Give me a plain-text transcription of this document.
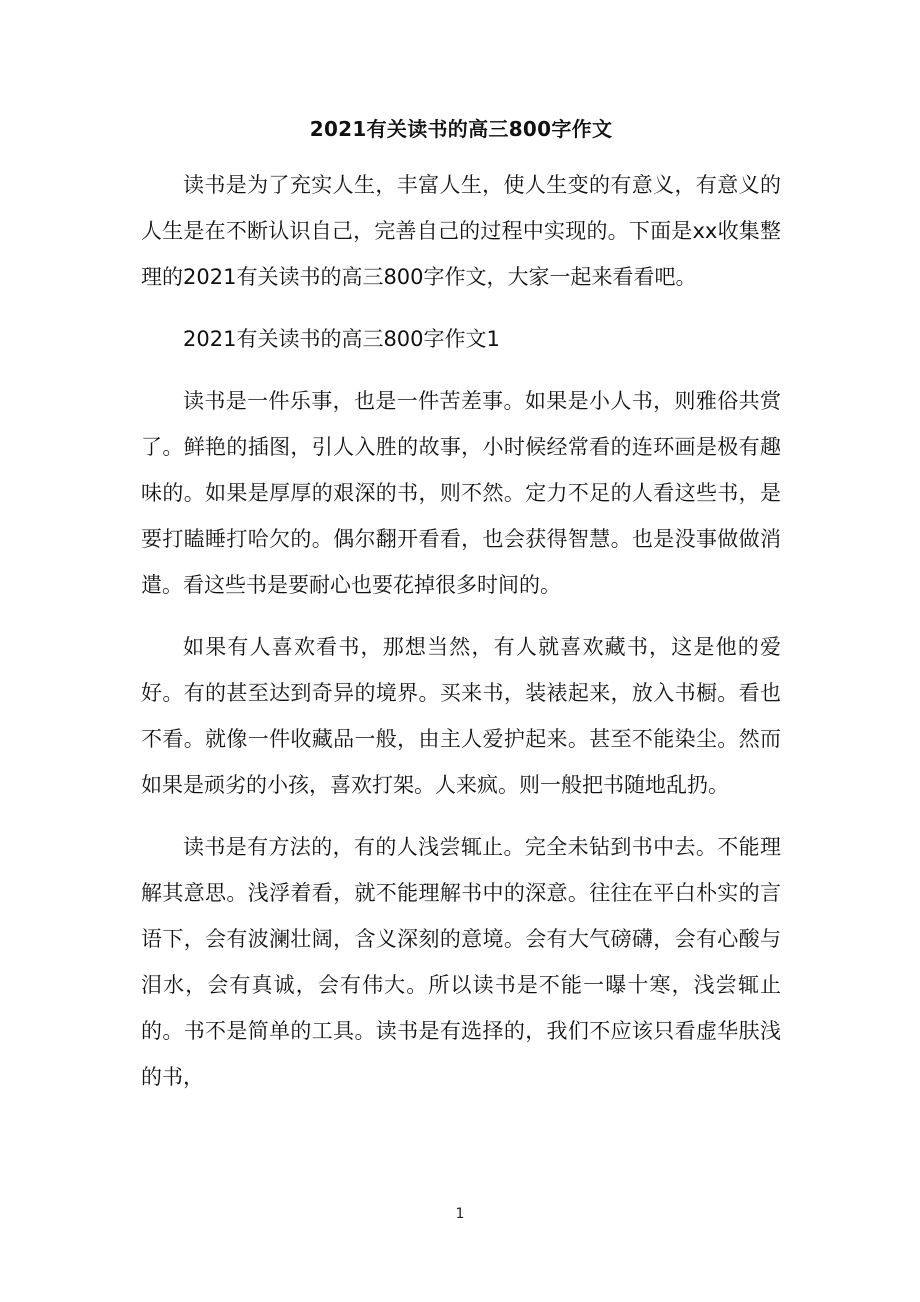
2021有关读书的高三800字作文

读书是为了充实人生，丰富人生，使人生变的有意义，有意义的人生是在不断认识自己，完善自己的过程中实现的。下面是xx收集整理的2021有关读书的高三800字作文，大家一起来看看吧。

2021有关读书的高三800字作文1

读书是一件乐事，也是一件苦差事。如果是小人书，则雅俗共赏了。鲜艳的插图，引人入胜的故事，小时候经常看的连环画是极有趣味的。如果是厚厚的艰深的书，则不然。定力不足的人看这些书，是要打瞌睡打哈欠的。偶尔翻开看看，也会获得智慧。也是没事做做消遣。看这些书是要耐心也要花掉很多时间的。

如果有人喜欢看书，那想当然，有人就喜欢藏书，这是他的爱好。有的甚至达到奇异的境界。买来书，装裱起来，放入书橱。看也不看。就像一件收藏品一般，由主人爱护起来。甚至不能染尘。然而如果是顽劣的小孩，喜欢打架。人来疯。则一般把书随地乱扔。

读书是有方法的，有的人浅尝辄止。完全未钻到书中去。不能理解其意思。浅浮着看，就不能理解书中的深意。往往在平白朴实的言语下，会有波澜壮阔，含义深刻的意境。会有大气磅礴，会有心酸与泪水，会有真诚，会有伟大。所以读书是不能一曝十寒，浅尝辄止的。书不是简单的工具。读书是有选择的，我们不应该只看虚华肤浅的书，

1
